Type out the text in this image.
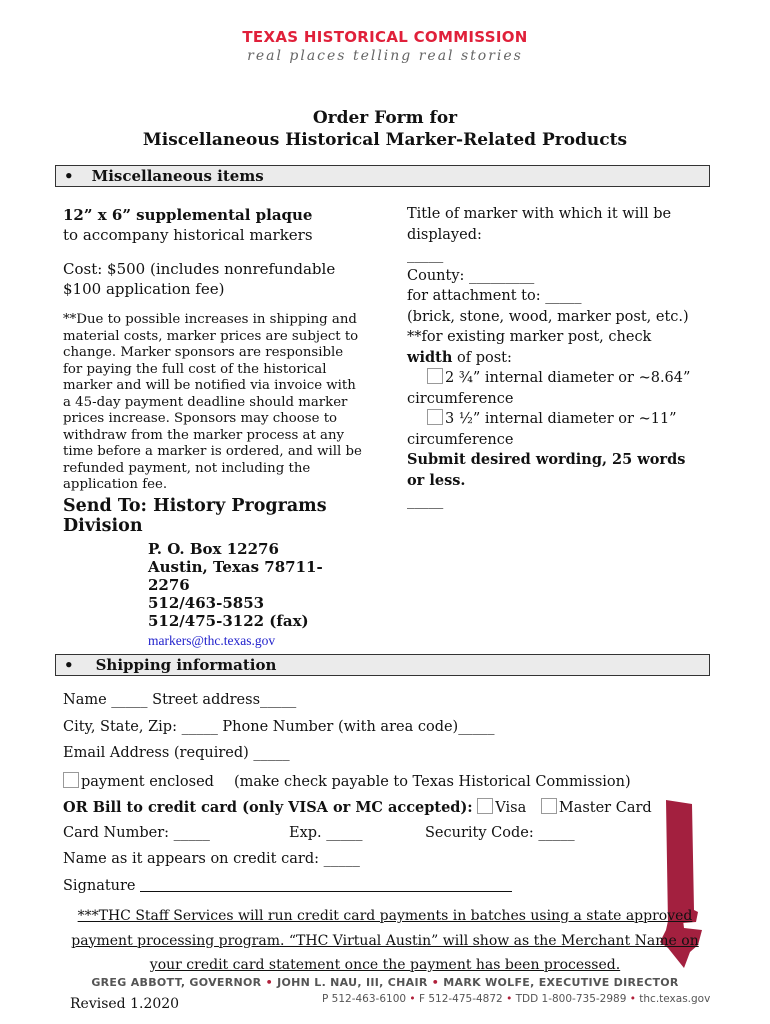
TEXAS HISTORICAL COMMISSION
real places telling real stories
Order Form for
Miscellaneous Historical Marker-Related Products
• Miscellaneous items
12” x 6” supplemental plaque
to accompany historical markers
Cost: $500 (includes nonrefundable $100 application fee)
**Due to possible increases in shipping and material costs, marker prices are subject to change. Marker sponsors are responsible for paying the full cost of the historical marker and will be notified via invoice with a 45-day payment deadline should marker prices increase. Sponsors may choose to withdraw from the marker process at any time before a marker is ordered, and will be refunded payment, not including the application fee.
Send To: History Programs Division
P. O. Box 12276
Austin, Texas 78711-
2276
512/463-5853
512/475-3122 (fax)
markers@thc.texas.gov
Title of marker with which it will be displayed:
_____
County: _________
for attachment to: _____
(brick, stone, wood, marker post, etc.)
**for existing marker post, check
width of post:
2 ¾” internal diameter or ~8.64” circumference
3 ½” internal diameter or ~11” circumference
Submit desired wording, 25 words or less.
_____
• Shipping information
Name _____ Street address_____
City, State, Zip: _____ Phone Number (with area code)_____
Email Address (required) _____
payment enclosed (make check payable to Texas Historical Commission)
OR Bill to credit card (only VISA or MC accepted): Visa Master Card
Card Number: _____	Exp. _____	Security Code: _____
Name as it appears on credit card: _____
Signature
***THC Staff Services will run credit card payments in batches using a state approved
payment processing program. “THC Virtual Austin” will show as the Merchant Name on
your credit card statement once the payment has been processed.
GREG ABBOTT, GOVERNOR • JOHN L. NAU, III, CHAIR • MARK WOLFE, EXECUTIVE DIRECTOR
P 512-463-6100 • F 512-475-4872 • TDD 1-800-735-2989 • thc.texas.gov
Revised 1.2020
